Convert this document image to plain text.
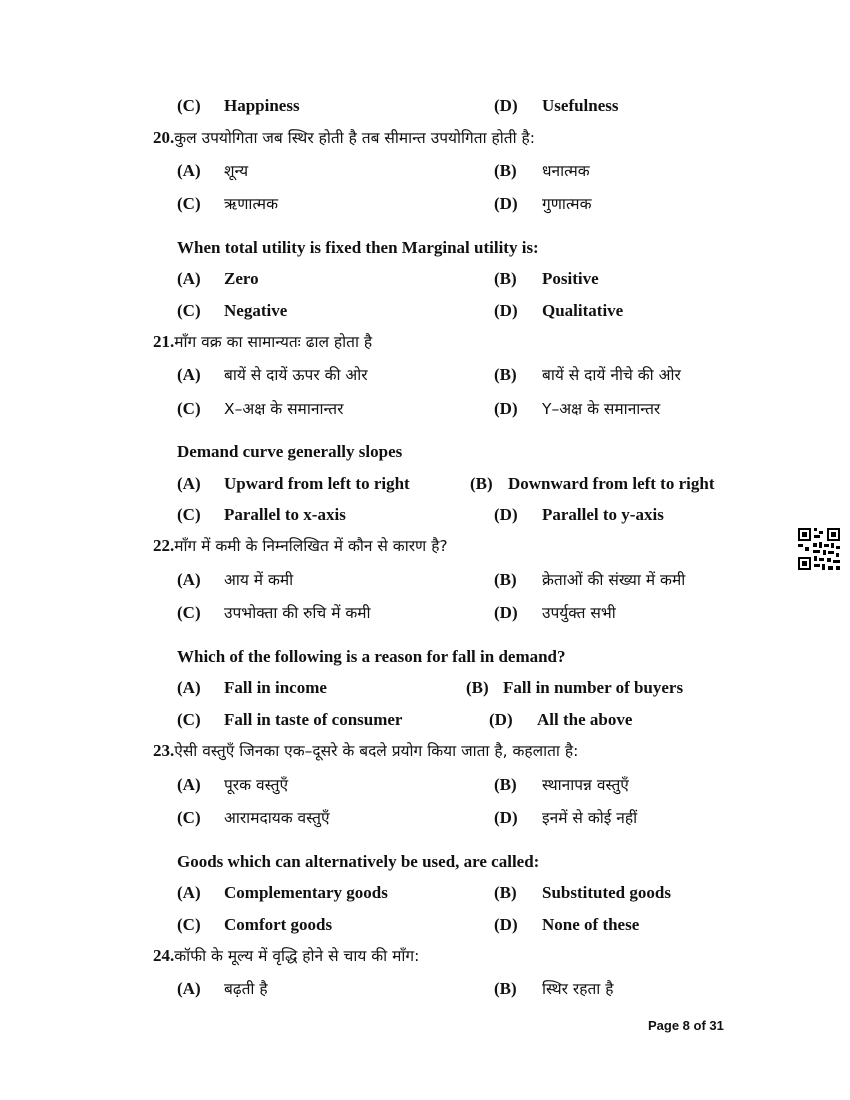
(C) Happiness	(D) Usefulness
20.कुल उपयोगिता जब स्थिर होती है तब सीमान्त उपयोगिता होती है:
(A) शून्य	(B) धनात्मक
(C) ऋणात्मक	(D) गुणात्मक
When total utility is fixed then Marginal utility is:
(A) Zero	(B) Positive
(C) Negative	(D) Qualitative
21.माँग वक्र का सामान्यतः ढाल होता है
(A) बायें से दायें ऊपर की ओर	(B) बायें से दायें नीचे की ओर
(C) X–अक्ष के समानान्तर	(D) Y–अक्ष के समानान्तर
Demand curve generally slopes
(A) Upward from left to right	(B) Downward from left to right
(C) Parallel to x-axis	(D) Parallel to y-axis
22.माँग में कमी के निम्नलिखित में कौन से कारण है?
(A) आय में कमी	(B) क्रेताओं की संख्या में कमी
(C) उपभोक्ता की रुचि में कमी	(D) उपर्युक्त सभी
Which of the following is a reason for fall in demand?
(A) Fall in income	(B) Fall in number of buyers
(C) Fall in taste of consumer	(D) All the above
23.ऐसी वस्तुएँ जिनका एक–दूसरे के बदले प्रयोग किया जाता है, कहलाता है:
(A) पूरक वस्तुएँ	(B) स्थानापन्न वस्तुएँ
(C) आरामदायक वस्तुएँ	(D) इनमें से कोई नहीं
Goods which can alternatively be used, are called:
(A) Complementary goods	(B) Substituted goods
(C) Comfort goods	(D) None of these
24.कॉफी के मूल्य में वृद्धि होने से चाय की माँग:
(A) बढ़ती है	(B) स्थिर रहता है
Page 8 of 31
